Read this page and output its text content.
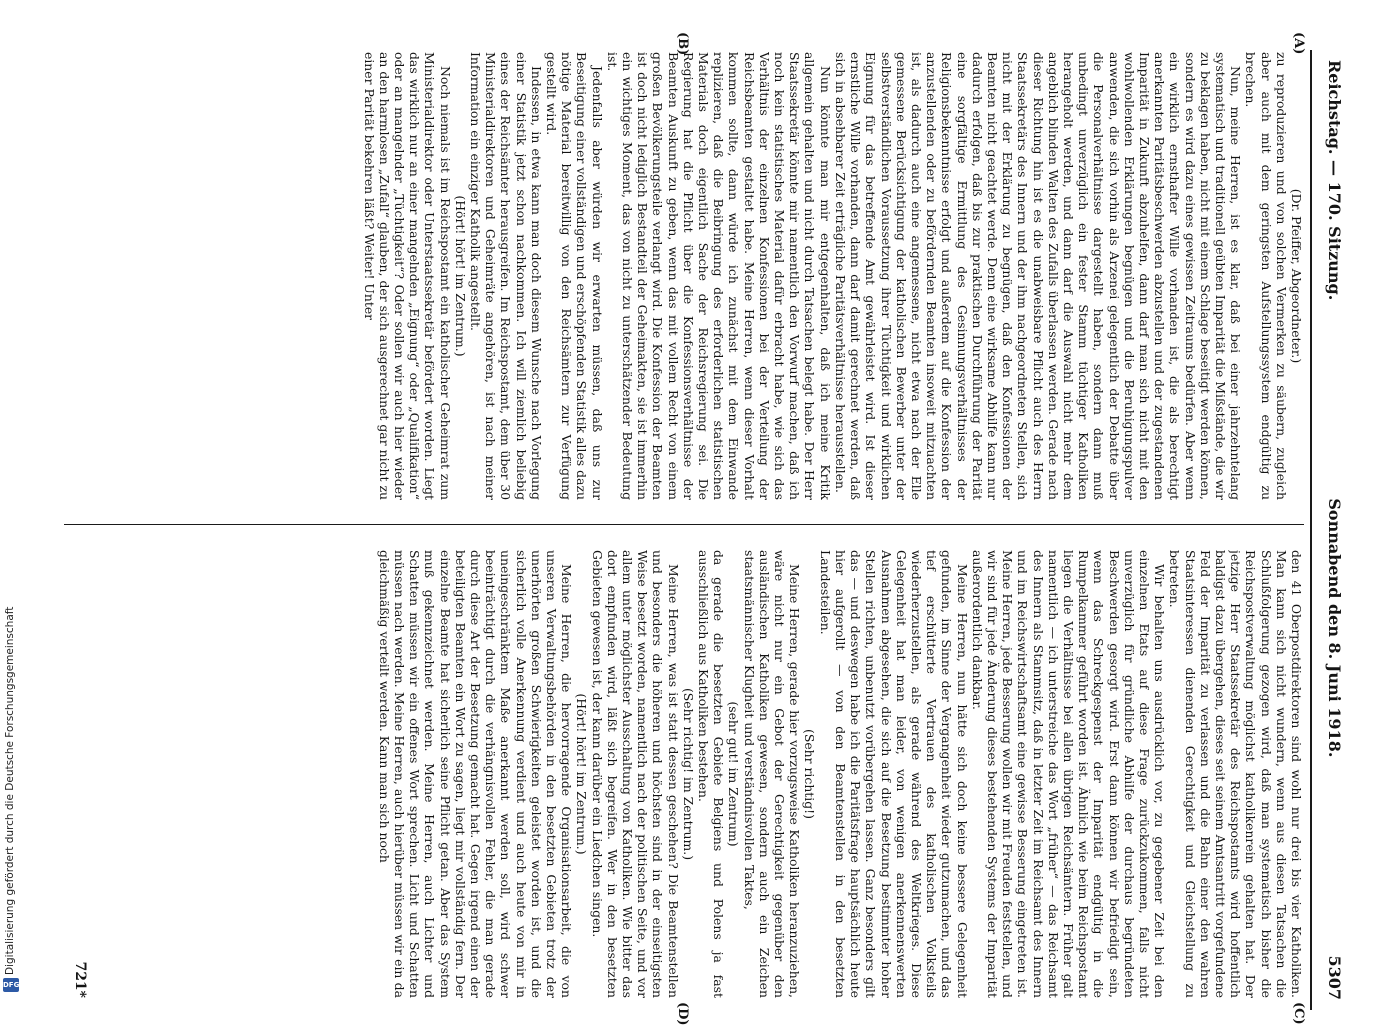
Digitalisierung gefördert durch die Deutsche Forschungsgemeinschaft
DFG
Reichstag. — 170. Sitzung.
Sonnabend den 8. Juni 1918.
5307
(A)
(B)
(C)
(D)

(Dr. Pfeiffer, Abgeordneter.)

zu reproduzieren und von solchen Vermerken zu säubern, zugleich aber auch mit dem geringsten Aufstellungssystem endgültig zu brechen.

Nun, meine Herren, ist es klar, daß bei einer jahrzehntelang systematisch und traditionell geübten Imparität die Mißstände, die wir zu beklagen haben, nicht mit einem Schlage beseitigt werden können, sondern es wird dazu eines gewissen Zeitraums bedürfen. Aber wenn ein wirklich ernsthafter Wille vorhanden ist, die als berechtigt anerkannten Paritätsbeschwerden abzustellen und der zugestandenen Imparität in Zukunft abzuhelfen, dann darf man sich nicht mit den wohlwollenden Erklärungen begnügen und die Beruhigungspulver anwenden, die sich vorhin als Arzenei gelegentlich der Debatte über die Personalverhältnisse dargestellt haben, sondern dann muß unbedingt unverzüglich ein fester Stamm tüchtiger Katholiken herangeholt werden, und dann darf die Auswahl nicht mehr dem angeblich blinden Walten des Zufalls überlassen werden. Gerade nach dieser Richtung hin ist es die unabweisbare Pflicht auch des Herrn Staatssekretärs des Innern und der ihm nachgeordneten Stellen, sich nicht mit der Erklärung zu begnügen, daß den Konfessionen der Beamten nicht geachtet werde. Denn eine wirksame Abhilfe kann nur dadurch erfolgen, daß bis zur praktischen Durchführung der Parität eine sorgfältige Ermittlung des Gesinnungsverhältnisses der Religionsbekenntnisse erfolgt und außerdem auf die Konfession der anzustellenden oder zu befördernden Beamten insoweit mitzuachten ist, als dadurch auch eine angemessene, nicht etwa nach der Elle gemessene Berücksichtigung der katholischen Bewerber unter der selbstverständlichen Voraussetzung ihrer Tüchtigkeit und wirklichen Eignung für das betreffende Amt gewährleistet wird. Ist dieser ernstliche Wille vorhanden, dann darf damit gerechnet werden, daß sich in absehbarer Zeit erträgliche Paritätsverhältnisse herausstellen.

Nun könnte man mir entgegenhalten, daß ich meine Kritik allgemein gehalten und nicht durch Tatsachen belegt habe. Der Herr Staatssekretär könnte mir namentlich den Vorwurf machen, daß ich noch kein statistisches Material dafür erbracht habe, wie sich das Verhältnis der einzelnen Konfessionen bei der Verteilung der Reichsbeamten gestaltet habe. Meine Herren, wenn dieser Vorhalt kommen sollte, dann würde ich zunächst mit dem Einwande replizieren, daß die Beibringung des erforderlichen statistischen Materials doch eigentlich Sache der Reichsregierung sei. Die Regierung hat die Pflicht über die Konfessionsverhältnisse der Beamten Auskunft zu geben, wenn das mit vollem Recht von einem großen Bevölkerungsteile verlangt wird. Die Konfession der Beamten ist doch nicht lediglich Bestandteil der Geheimakten, sie ist immerhin ein wichtiges Moment, das von nicht zu unterschätzender Bedeutung ist.

Jedenfalls aber würden wir erwarten müssen, daß uns zur Beseitigung einer vollständigen und erschöpfenden Statistik alles dazu nötige Material bereitwillig von den Reichsämtern zur Verfügung gestellt wird.

Indessen, in etwa kann man doch diesem Wunsche nach Vorlegung einer Statistik jetzt schon nachkommen. Ich will ziemlich beliebig eines der Reichsämter herausgreifen. Im Reichspostamt, dem über 30 Ministerialdirektoren und Geheimräte angehören, ist nach meiner Information ein einziger Katholik angestellt.

(Hört! hört! im Zentrum.)

Noch niemals ist im Reichspostamt ein katholischer Geheimrat zum Ministerialdirektor oder Unterstaatssekretär befördert worden. Liegt das wirklich nur an einer mangelnden „Eignung“ oder „Qualifikation“ oder an mangelnder „Tüchtigkeit“? Oder sollen wir auch hier wieder an den harmlosen „Zufall“ glauben, der sich ausgerechnet gar nicht zu einer Parität bekehren läßt? Weiter! Unter

den 41 Oberpostdirektoren sind wohl nur drei bis vier Katholiken. Man kann sich nicht wundern, wenn aus diesen Tatsachen die Schlußfolgerung gezogen wird, daß man systematisch bisher die Reichspostverwaltung möglichst katholikenrein gehalten hat. Der jetzige Herr Staatssekretär des Reichspostamts wird hoffentlich baldigst dazu übergehen, dieses seit seinem Amtsantritt vorgefundene Feld der Imparität zu verlassen und die Bahn einer den wahren Staatsinteressen dienenden Gerechtigkeit und Gleichstellung zu betreten.

Wir behalten uns ausdrücklich vor, zu gegebener Zeit bei den einzelnen Etats auf diese Frage zurückzukommen, falls nicht unverzüglich für gründliche Abhilfe der durchaus begründeten Beschwerden gesorgt wird. Erst dann können wir befriedigt sein, wenn das Schreckgespenst der Imparität endgültig in die Rumpelkammer geführt worden ist. Ähnlich wie beim Reichspostamt liegen die Verhältnisse bei allen übrigen Reichsämtern. Früher galt namentlich — ich unterstreiche das Wort „früher“ — das Reichsamt des Innern als Stammsitz, daß in letzter Zeit im Reichsamt des Innern und im Reichswirtschaftsamt eine gewisse Besserung eingetreten ist. Meine Herren, jede Besserung wollen wir mit Freuden feststellen, und wir sind für jede Änderung dieses bestehenden Systems der Imparität außerordentlich dankbar.

Meine Herren, nun hätte sich doch keine bessere Gelegenheit gefunden, im Sinne der Vergangenheit wieder gutzumachen, und das tief erschütterte Vertrauen des katholischen Volksteils wiederherzustellen, als gerade während des Weltkrieges. Diese Gelegenheit hat man leider, von wenigen anerkennenswerten Ausnahmen abgesehen, die sich auf die Besetzung bestimmter hoher Stellen richten, unbenutzt vorübergehen lassen. Ganz besonders gilt das — und deswegen habe ich die Paritätsfrage hauptsächlich heute hier aufgerollt — von den Beamtenstellen in den besetzten Landesteilen.

(Sehr richtig!)

Meine Herren, gerade hier vorzugsweise Katholiken heranzuziehen, wäre nicht nur ein Gebot der Gerechtigkeit gegenüber den ausländischen Katholiken gewesen, sondern auch ein Zeichen staatsmännischer Klugheit und verständnisvollen Taktes,

(sehr gut! im Zentrum)

da gerade die besetzten Gebiete Belgiens und Polens ja fast ausschließlich aus Katholiken bestehen.

(Sehr richtig! im Zentrum.)

Meine Herren, was ist statt dessen geschehen? Die Beamtenstellen und besonders die höheren und höchsten sind in der einseitigsten Weise besetzt worden, namentlich nach der politischen Seite, und vor allem unter möglichster Ausschaltung von Katholiken. Wie bitter das dort empfunden wird, läßt sich begreifen. Wer in den besetzten Gebieten gewesen ist, der kann darüber ein Liedchen singen.

(Hört! hört! im Zentrum.)

Meine Herren, die hervorragende Organisationsarbeit, die von unseren Verwaltungsbehörden in den besetzten Gebieten trotz der unerhörten großen Schwierigkeiten geleistet worden ist, und die sicherlich volle Anerkennung verdient und auch heute von mir in uneingeschränktem Maße anerkannt werden soll, wird schwer beeinträchtigt durch die verhängnisvollen Fehler, die man gerade durch diese Art der Besetzung gemacht hat. Gegen irgend einen der beteiligten Beamten ein Wort zu sagen, liegt mir vollständig fern. Der einzelne Beamte hat sicherlich seine Pflicht getan. Aber das System muß gekennzeichnet werden. Meine Herren, auch Lichter und Schatten müssen wir ein offenes Wort sprechen. Licht und Schatten müssen nach werden. Meine Herren, auch hierüber müssen wir ein da gleichmäßig verteilt werden. Kann man sich noch

721*
